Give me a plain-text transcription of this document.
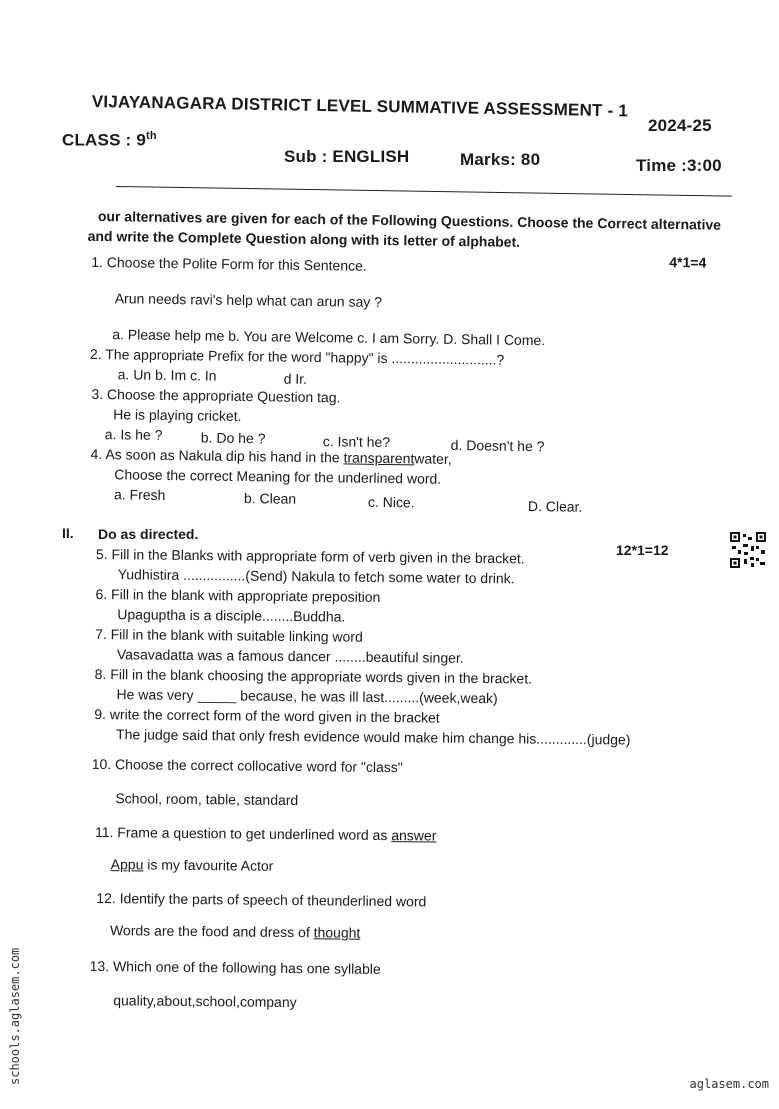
VIJAYANAGARA DISTRICT LEVEL SUMMATIVE ASSESSMENT - 1
2024-25
CLASS : 9th
Sub : ENGLISH	Marks: 80	Time :3:00
our alternatives are given for each of the Following Questions. Choose the Correct alternative
and write the Complete Question along with its letter of alphabet.
4*1=4
1. Choose the Polite Form for this Sentence.
Arun needs ravi's help what can arun say ?
a. Please help me b. You are Welcome c. I am Sorry. D. Shall I Come.
2. The appropriate Prefix for the word "happy" is ...........................?
a. Un b. Im c. In	d Ir.
3. Choose the appropriate Question tag.
He is playing cricket.
a. Is he ?	b. Do he ?	c. Isn't he?	d. Doesn't he ?
4. As soon as Nakula dip his hand in the transparentwater,
Choose the correct Meaning for the underlined word.
a. Fresh	b. Clean	c. Nice.	D. Clear.
II. Do as directed.
12*1=12
5. Fill in the Blanks with appropriate form of verb given in the bracket.
Yudhistira ................(Send) Nakula to fetch some water to drink.
6. Fill in the blank with appropriate preposition
Upaguptha is a disciple........Buddha.
7. Fill in the blank with suitable linking word
Vasavadatta was a famous dancer ........beautiful singer.
8. Fill in the blank choosing the appropriate words given in the bracket.
He was very _____ because, he was ill last.........(week,weak)
9. write the correct form of the word given in the bracket
The judge said that only fresh evidence would make him change his.............(judge)
10. Choose the correct collocative word for "class"
School, room, table, standard
11. Frame a question to get underlined word as answer
Appu is my favourite Actor
12. Identify the parts of speech of theunderlined word
Words are the food and dress of thought
13. Which one of the following has one syllable
quality,about,school,company
schools.aglasem.com	aglasem.com
